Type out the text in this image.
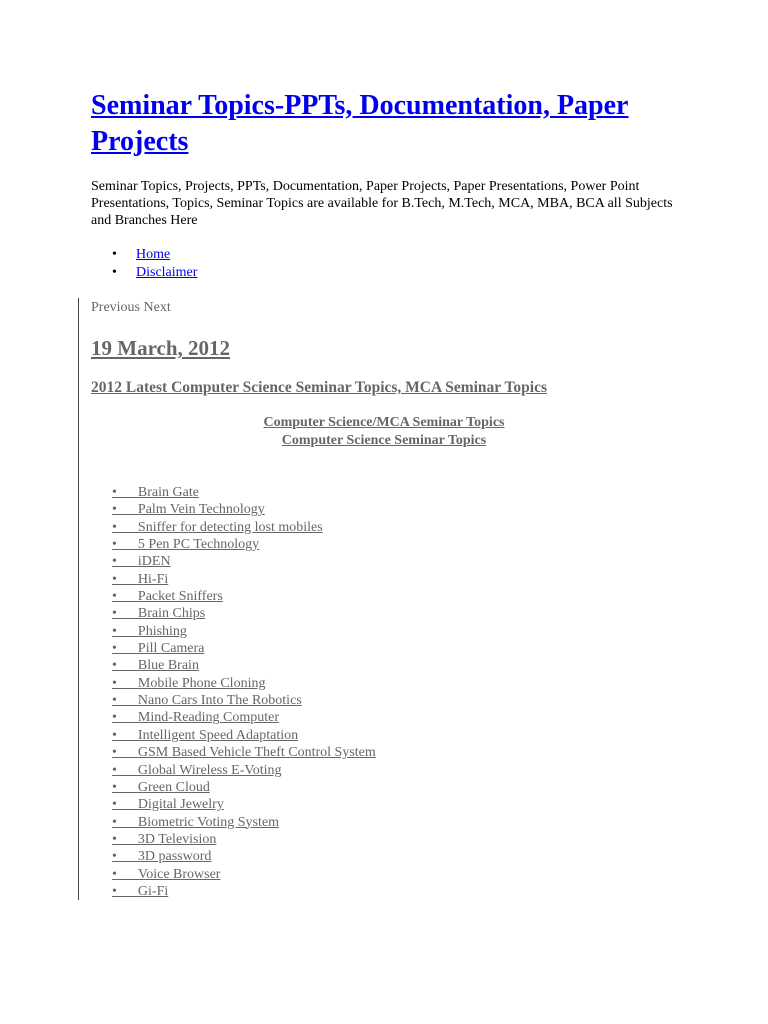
Seminar Topics-PPTs, Documentation, Paper Projects

Seminar Topics, Projects, PPTs, Documentation, Paper Projects, Paper Presentations, Power Point Presentations, Topics, Seminar Topics are available for B.Tech, M.Tech, MCA, MBA, BCA all Subjects and Branches Here

• Home
• Disclaimer
Previous Next
19 March, 2012
2012 Latest Computer Science Seminar Topics, MCA Seminar Topics
Computer Science/MCA Seminar Topics
Computer Science Seminar Topics
• Brain Gate
• Palm Vein Technology
• Sniffer for detecting lost mobiles
• 5 Pen PC Technology
• iDEN
• Hi-Fi
• Packet Sniffers
• Brain Chips
• Phishing
• Pill Camera
• Blue Brain
• Mobile Phone Cloning
• Nano Cars Into The Robotics
• Mind-Reading Computer
• Intelligent Speed Adaptation
• GSM Based Vehicle Theft Control System
• Global Wireless E-Voting
• Green Cloud
• Digital Jewelry
• Biometric Voting System
• 3D Television
• 3D password
• Voice Browser
• Gi-Fi
